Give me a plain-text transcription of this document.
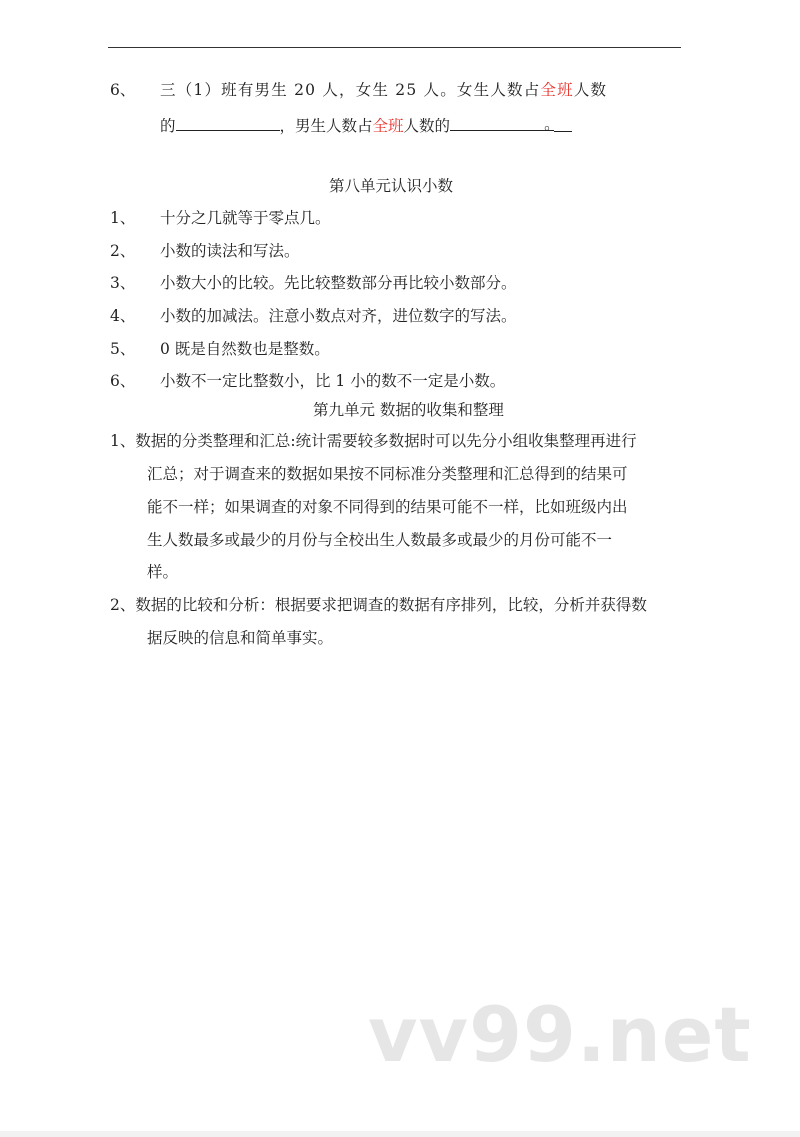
6、 三（1）班有男生 20 人，女生 25 人。女生人数占全班人数
的	，男生人数占全班人数的	。
第八单元认识小数
1、 十分之几就等于零点几。
2、 小数的读法和写法。
3、 小数大小的比较。先比较整数部分再比较小数部分。
4、 小数的加减法。注意小数点对齐，进位数字的写法。
5、 0 既是自然数也是整数。
6、 小数不一定比整数小，比 1 小的数不一定是小数。
第九单元 数据的收集和整理
1、数据的分类整理和汇总:统计需要较多数据时可以先分小组收集整理再进行
汇总；对于调查来的数据如果按不同标准分类整理和汇总得到的结果可
能不一样；如果调查的对象不同得到的结果可能不一样，比如班级内出
生人数最多或最少的月份与全校出生人数最多或最少的月份可能不一
样。
2、数据的比较和分析：根据要求把调查的数据有序排列，比较，分析并获得数
据反映的信息和简单事实。
vv99.net
